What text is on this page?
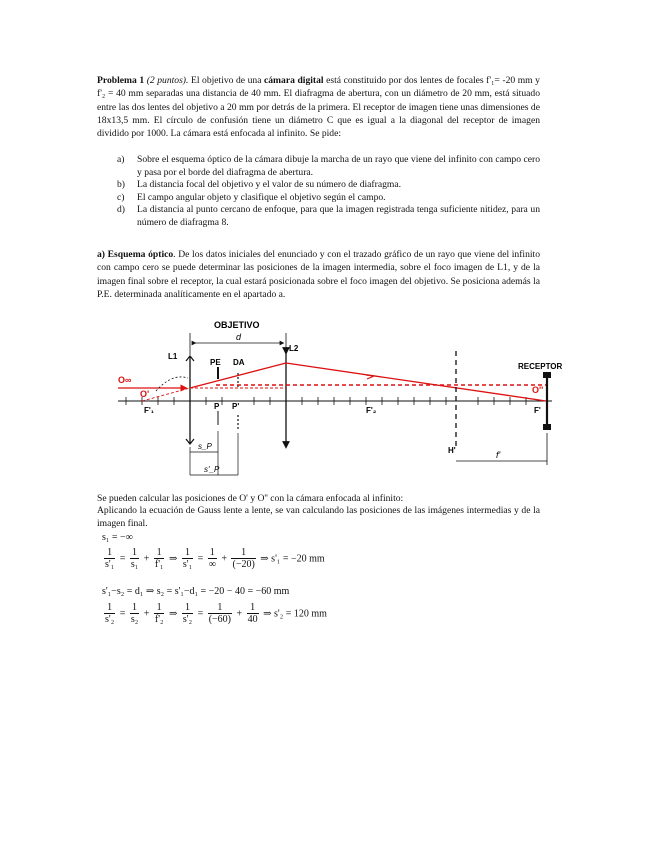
Problema 1 (2 puntos). El objetivo de una cámara digital está constituido por dos lentes de focales f'₁= -20 mm y f'₂ = 40 mm separadas una distancia de 40 mm. El diafragma de abertura, con un diámetro de 20 mm, está situado entre las dos lentes del objetivo a 20 mm por detrás de la primera. El receptor de imagen tiene unas dimensiones de 18x13,5 mm. El círculo de confusión tiene un diámetro C que es igual a la diagonal del receptor de imagen dividido por 1000. La cámara está enfocada al infinito. Se pide:
a)	Sobre el esquema óptico de la cámara dibuje la marcha de un rayo que viene del infinito con campo cero y pasa por el borde del diafragma de abertura.
b)	La distancia focal del objetivo y el valor de su número de diafragma.
c)	El campo angular objeto y clasifique el objetivo según el campo.
d)	La distancia al punto cercano de enfoque, para que la imagen registrada tenga suficiente nitidez, para un número de diafragma 8.
a) Esquema óptico. De los datos iniciales del enunciado y con el trazado gráfico de un rayo que viene del infinito con campo cero se puede determinar las posiciones de la imagen intermedia, sobre el foco imagen de L1, y de la imagen final sobre el receptor, la cual estará posicionada sobre el foco imagen del objetivo. Se posiciona además la P.E. determinada analíticamente en el apartado a.
OBJETIVO
d
L1
L2
PE DA
O∞
O'
F'₁	F'₂
P P'
H'
RECEPTOR
O''
F'
f'
s_P
s'_P
Se pueden calcular las posiciones de O' y O'' con la cámara enfocada al infinito:
Aplicando la ecuación de Gauss lente a lente, se van calculando las posiciones de las imágenes intermedias y de la imagen final.
s₁ = −∞
$\frac{1}{\text{s'₁}} = \frac{1}{\text{s₁}} + \frac{1}{\text{f'₁}}$ ⇒ $\frac{1}{\text{s'₁}} = \frac{1}{\infty} + \frac{1}{(-20)}$ ⇒ s'₁ = −20 mm
s'₁−s₂ = d₁ ⇒ s₂ = s'₁−d₁ = −20 − 40 = −60 mm
$\frac{1}{\text{s'₂}} = \frac{1}{\text{s₂}} + \frac{1}{\text{f'₂}}$ ⇒ $\frac{1}{\text{s'₂}} = \frac{1}{(-60)} + \frac{1}{40}$ ⇒ s'₂ = 120 mm
